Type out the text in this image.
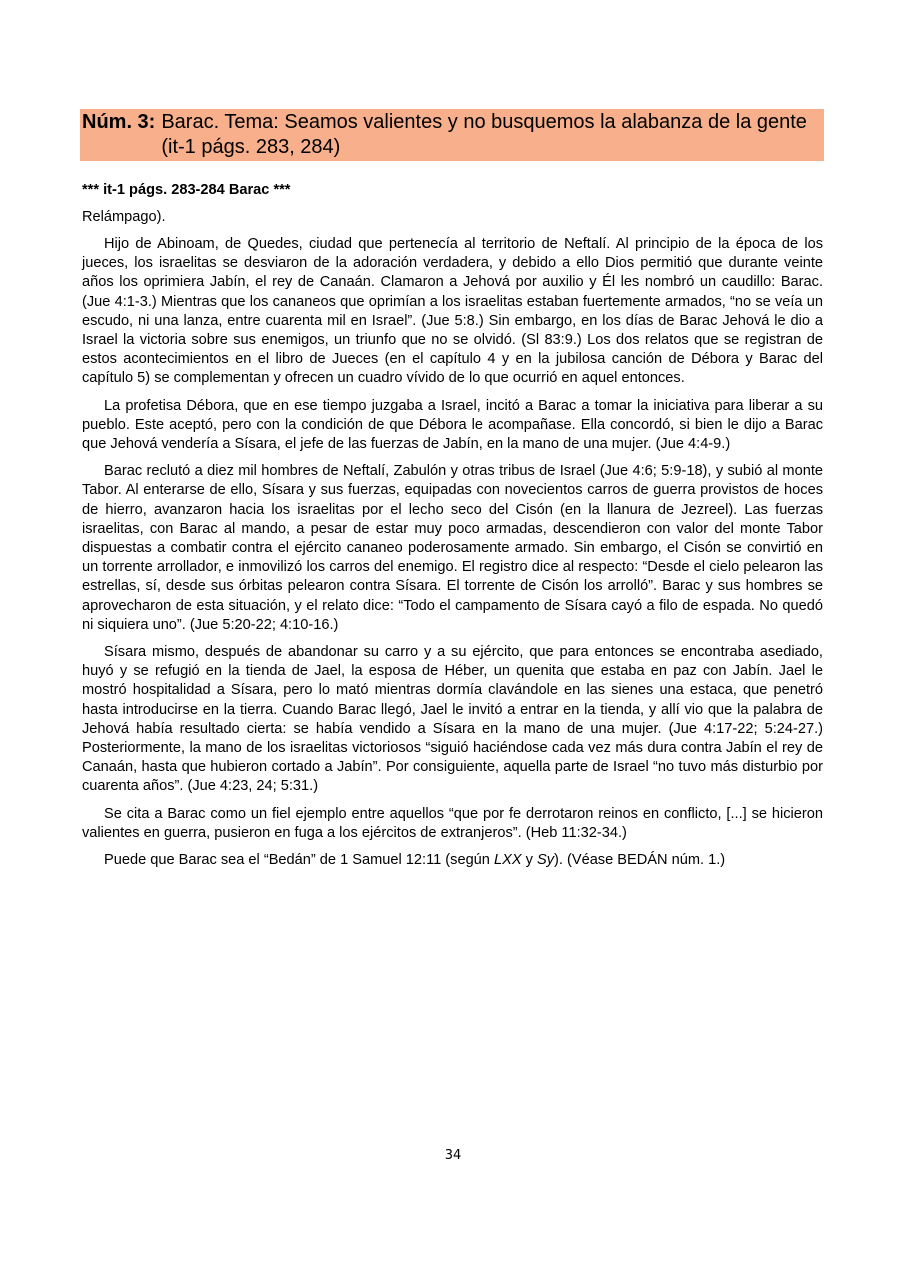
Núm. 3: Barac. Tema: Seamos valientes y no busquemos la alabanza de la gente (it-1 págs. 283, 284)

*** it-1 págs. 283-284 Barac ***

Relámpago).

Hijo de Abinoam, de Quedes, ciudad que pertenecía al territorio de Neftalí. Al principio de la época de los jueces, los israelitas se desviaron de la adoración verdadera, y debido a ello Dios permitió que durante veinte años los oprimiera Jabín, el rey de Canaán. Clamaron a Jehová por auxilio y Él les nombró un caudillo: Barac. (Jue 4:1-3.) Mientras que los cananeos que oprimían a los israelitas estaban fuertemente armados, “no se veía un escudo, ni una lanza, entre cuarenta mil en Israel”. (Jue 5:8.) Sin embargo, en los días de Barac Jehová le dio a Israel la victoria sobre sus enemigos, un triunfo que no se olvidó. (Sl 83:9.) Los dos relatos que se registran de estos acontecimientos en el libro de Jueces (en el capítulo 4 y en la jubilosa canción de Débora y Barac del capítulo 5) se complementan y ofrecen un cuadro vívido de lo que ocurrió en aquel entonces.

La profetisa Débora, que en ese tiempo juzgaba a Israel, incitó a Barac a tomar la iniciativa para liberar a su pueblo. Este aceptó, pero con la condición de que Débora le acompañase. Ella concordó, si bien le dijo a Barac que Jehová vendería a Sísara, el jefe de las fuerzas de Jabín, en la mano de una mujer. (Jue 4:4-9.)

Barac reclutó a diez mil hombres de Neftalí, Zabulón y otras tribus de Israel (Jue 4:6; 5:9-18), y subió al monte Tabor. Al enterarse de ello, Sísara y sus fuerzas, equipadas con novecientos carros de guerra provistos de hoces de hierro, avanzaron hacia los israelitas por el lecho seco del Cisón (en la llanura de Jezreel). Las fuerzas israelitas, con Barac al mando, a pesar de estar muy poco armadas, descendieron con valor del monte Tabor dispuestas a combatir contra el ejército cananeo poderosamente armado. Sin embargo, el Cisón se convirtió en un torrente arrollador, e inmovilizó los carros del enemigo. El registro dice al respecto: “Desde el cielo pelearon las estrellas, sí, desde sus órbitas pelearon contra Sísara. El torrente de Cisón los arrolló”. Barac y sus hombres se aprovecharon de esta situación, y el relato dice: “Todo el campamento de Sísara cayó a filo de espada. No quedó ni siquiera uno”. (Jue 5:20-22; 4:10-16.)

Sísara mismo, después de abandonar su carro y a su ejército, que para entonces se encontraba asediado, huyó y se refugió en la tienda de Jael, la esposa de Héber, un quenita que estaba en paz con Jabín. Jael le mostró hospitalidad a Sísara, pero lo mató mientras dormía clavándole en las sienes una estaca, que penetró hasta introducirse en la tierra. Cuando Barac llegó, Jael le invitó a entrar en la tienda, y allí vio que la palabra de Jehová había resultado cierta: se había vendido a Sísara en la mano de una mujer. (Jue 4:17-22; 5:24-27.) Posteriormente, la mano de los israelitas victoriosos “siguió haciéndose cada vez más dura contra Jabín el rey de Canaán, hasta que hubieron cortado a Jabín”. Por consiguiente, aquella parte de Israel “no tuvo más disturbio por cuarenta años”. (Jue 4:23, 24; 5:31.)

Se cita a Barac como un fiel ejemplo entre aquellos “que por fe derrotaron reinos en conflicto, [...] se hicieron valientes en guerra, pusieron en fuga a los ejércitos de extranjeros”. (Heb 11:32-34.)

Puede que Barac sea el “Bedán” de 1 Samuel 12:11 (según LXX y Sy). (Véase BEDÁN núm. 1.)

34
